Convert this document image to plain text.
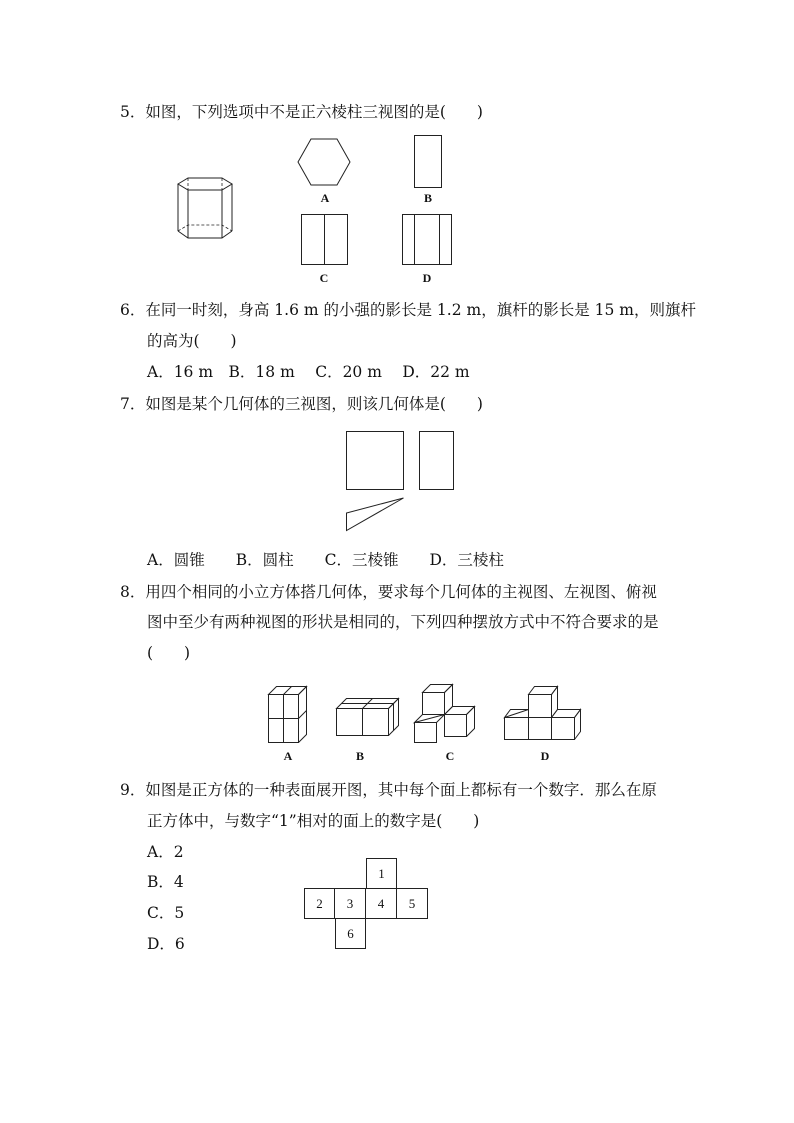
5．如图，下列选项中不是正六棱柱三视图的是(　　)
A	B
C	D
6．在同一时刻，身高 1.6 m 的小强的影长是 1.2 m，旗杆的影长是 15 m，则旗杆
的高为(　　)
A．16 m　B．18 m　 C．20 m　 D．22 m
7．如图是某个几何体的三视图，则该几何体是(　　)
A．圆锥　　B．圆柱　　C．三棱锥　　D．三棱柱
8．用四个相同的小立方体搭几何体，要求每个几何体的主视图、左视图、俯视
图中至少有两种视图的形状是相同的，下列四种摆放方式中不符合要求的是
(　　)
A	B	C	D
9．如图是正方体的一种表面展开图，其中每个面上都标有一个数字．那么在原
正方体中，与数字“1”相对的面上的数字是(　　)
A．2
B．4
C．5
D．6
1
2	3	4	5
6
